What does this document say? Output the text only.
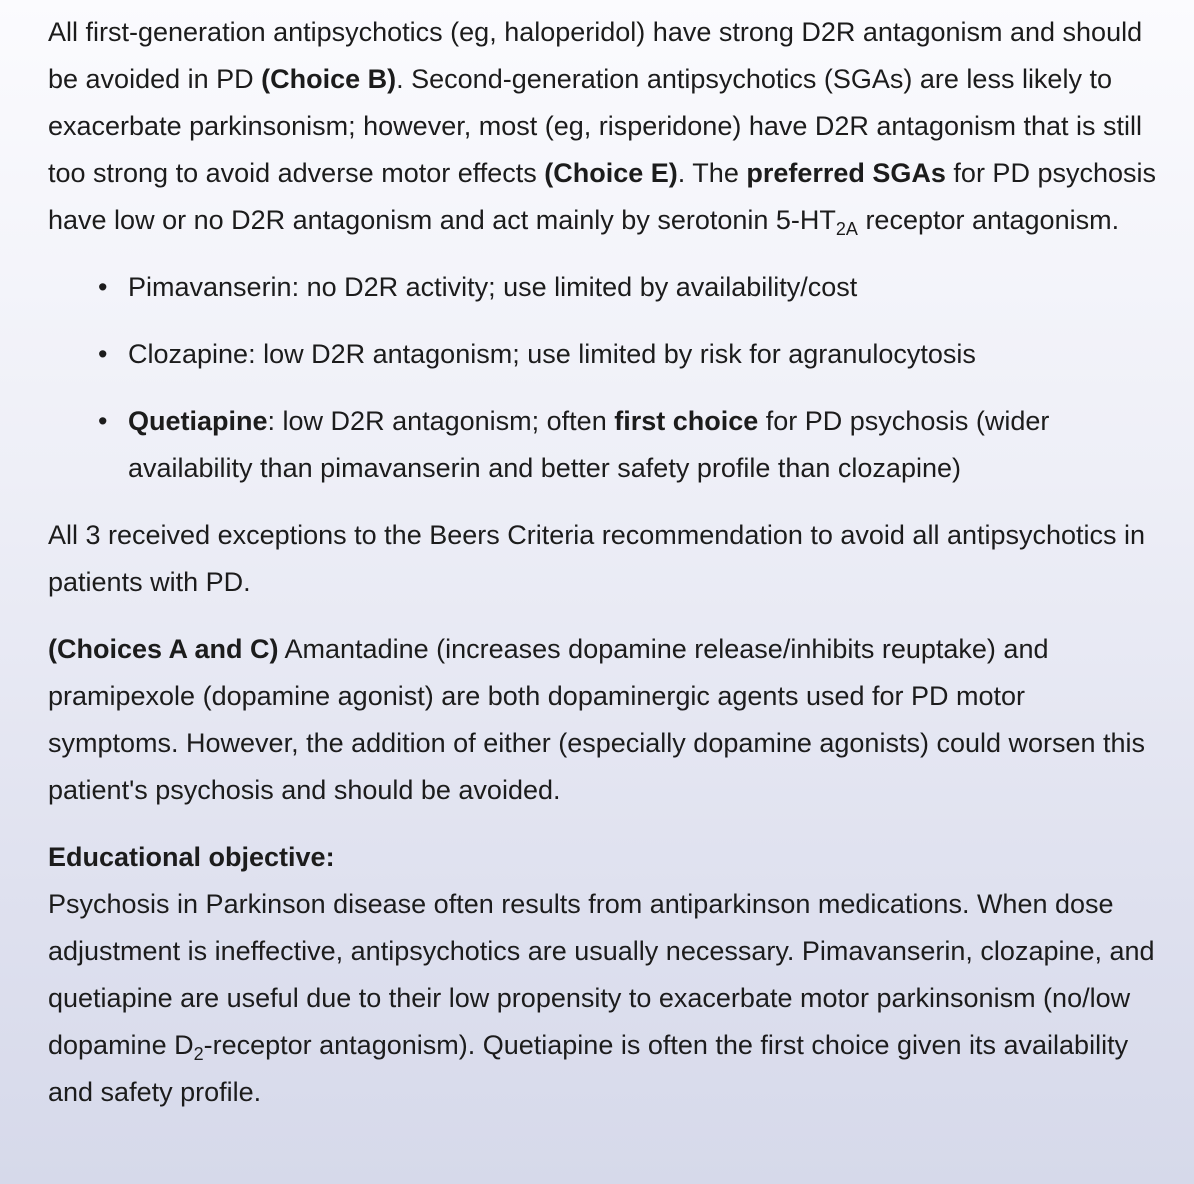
All first-generation antipsychotics (eg, haloperidol) have strong D2R antagonism and should be avoided in PD (Choice B). Second-generation antipsychotics (SGAs) are less likely to exacerbate parkinsonism; however, most (eg, risperidone) have D2R antagonism that is still too strong to avoid adverse motor effects (Choice E). The preferred SGAs for PD psychosis have low or no D2R antagonism and act mainly by serotonin $5-HT_{2A}$ receptor antagonism.

• Pimavanserin: no D2R activity; use limited by availability/cost
• Clozapine: low D2R antagonism; use limited by risk for agranulocytosis
• Quetiapine: low D2R antagonism; often first choice for PD psychosis (wider availability than pimavanserin and better safety profile than clozapine)

All 3 received exceptions to the Beers Criteria recommendation to avoid all antipsychotics in patients with PD.

(Choices A and C) Amantadine (increases dopamine release/inhibits reuptake) and pramipexole (dopamine agonist) are both dopaminergic agents used for PD motor symptoms. However, the addition of either (especially dopamine agonists) could worsen this patient's psychosis and should be avoided.

Educational objective:

Psychosis in Parkinson disease often results from antiparkinson medications. When dose adjustment is ineffective, antipsychotics are usually necessary. Pimavanserin, clozapine, and quetiapine are useful due to their low propensity to exacerbate motor parkinsonism (no/low dopamine $D_2$-receptor antagonism). Quetiapine is often the first choice given its availability and safety profile.
